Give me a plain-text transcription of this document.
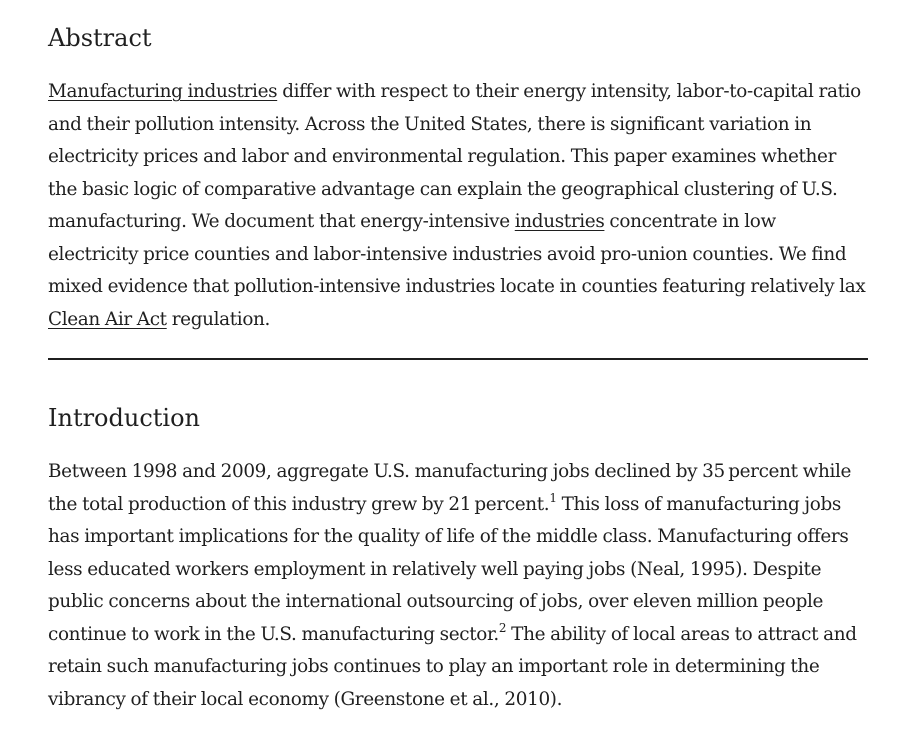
Abstract

Manufacturing industries differ with respect to their energy intensity, labor-to-capital ratio and their pollution intensity. Across the United States, there is significant variation in electricity prices and labor and environmental regulation. This paper examines whether the basic logic of comparative advantage can explain the geographical clustering of U.S. manufacturing. We document that energy-intensive industries concentrate in low electricity price counties and labor-intensive industries avoid pro-union counties. We find mixed evidence that pollution-intensive industries locate in counties featuring relatively lax Clean Air Act regulation.

Introduction

Between 1998 and 2009, aggregate U.S. manufacturing jobs declined by 35 percent while the total production of this industry grew by 21 percent.$^1$ This loss of manufacturing jobs has important implications for the quality of life of the middle class. Manufacturing offers less educated workers employment in relatively well paying jobs (Neal, 1995). Despite public concerns about the international outsourcing of jobs, over eleven million people continue to work in the U.S. manufacturing sector.$^2$ The ability of local areas to attract and retain such manufacturing jobs continues to play an important role in determining the vibrancy of their local economy (Greenstone et al., 2010).
